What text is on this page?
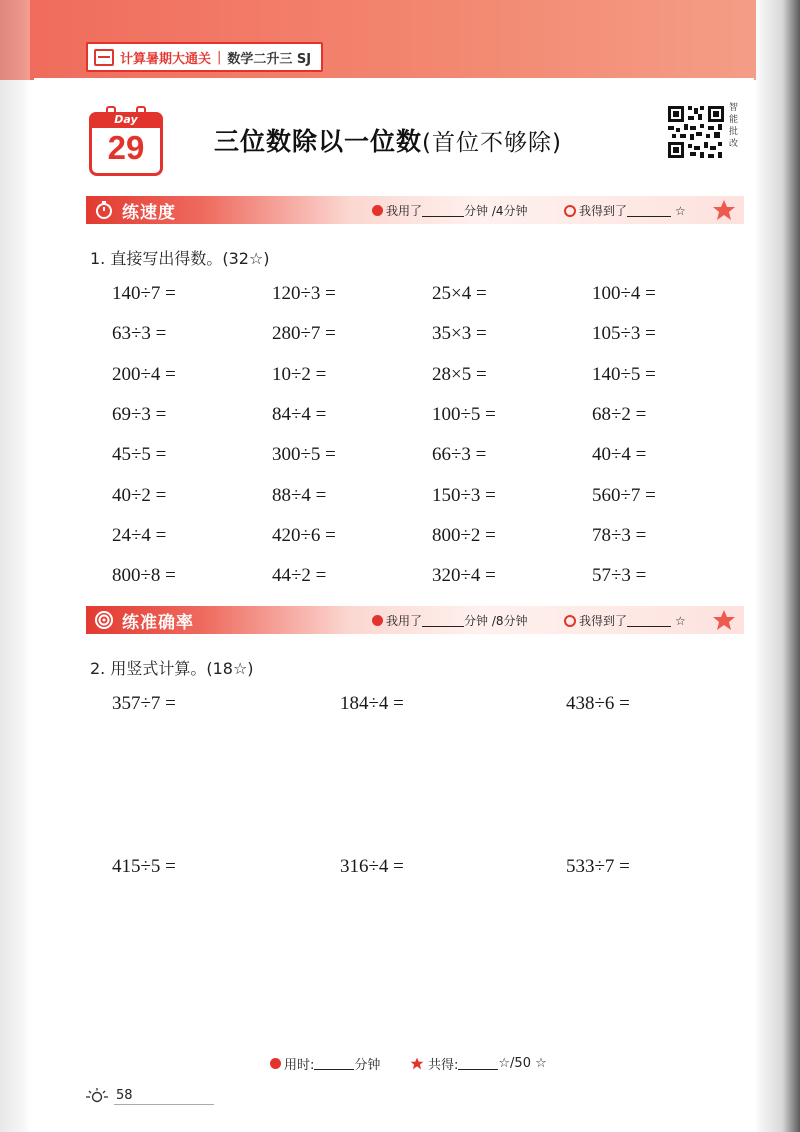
计算暑期大通关 | 数学二升三 SJ
Day
29	三位数除以一位数(首位不够除)
智能批改
练速度	我用了	分钟 /4分钟	我得到了	☆
1. 直接写出得数。(32☆)
140÷7 =	120÷3 =	25×4 =	100÷4 =
63÷3 =	280÷7 =	35×3 =	105÷3 =
200÷4 =	10÷2 =	28×5 =	140÷5 =
69÷3 =	84÷4 =	100÷5 =	68÷2 =
45÷5 =	300÷5 =	66÷3 =	40÷4 =
40÷2 =	88÷4 =	150÷3 =	560÷7 =
24÷4 =	420÷6 =	800÷2 =	78÷3 =
800÷8 =	44÷2 =	320÷4 =	57÷3 =
练准确率	我用了	分钟 /8分钟	我得到了	☆
2. 用竖式计算。(18☆)
357÷7 =	184÷4 =	438÷6 =
415÷5 =	316÷4 =	533÷7 =
用时:	分钟	共得:	☆/50 ☆
58
